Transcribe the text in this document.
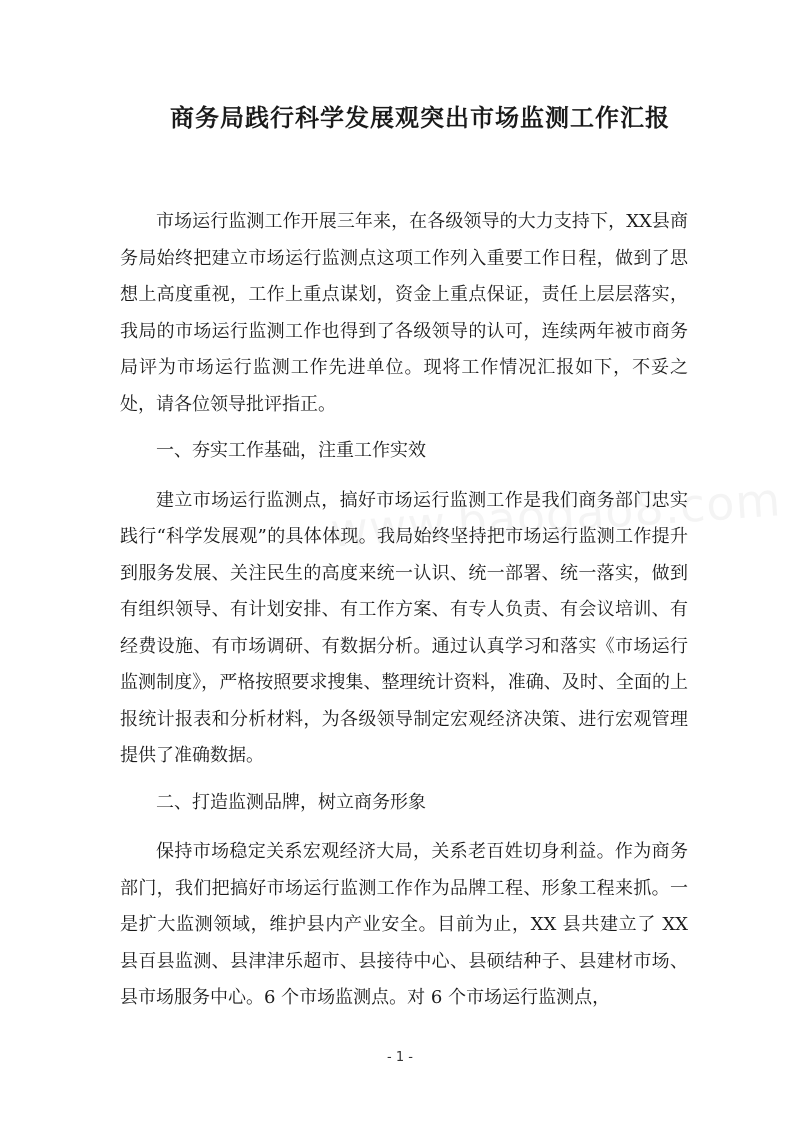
商务局践行科学发展观突出市场监测工作汇报

市场运行监测工作开展三年来，在各级领导的大力支持下，XX县商务局始终把建立市场运行监测点这项工作列入重要工作日程，做到了思想上高度重视，工作上重点谋划，资金上重点保证，责任上层层落实，我局的市场运行监测工作也得到了各级领导的认可，连续两年被市商务局评为市场运行监测工作先进单位。现将工作情况汇报如下，不妥之处，请各位领导批评指正。

一、夯实工作基础，注重工作实效

建立市场运行监测点，搞好市场运行监测工作是我们商务部门忠实践行“科学发展观”的具体体现。我局始终坚持把市场运行监测工作提升到服务发展、关注民生的高度来统一认识、统一部署、统一落实，做到有组织领导、有计划安排、有工作方案、有专人负责、有会议培训、有经费设施、有市场调研、有数据分析。通过认真学习和落实《市场运行监测制度》，严格按照要求搜集、整理统计资料，准确、及时、全面的上报统计报表和分析材料，为各级领导制定宏观经济决策、进行宏观管理提供了准确数据。

二、打造监测品牌，树立商务形象

保持市场稳定关系宏观经济大局，关系老百姓切身利益。作为商务部门，我们把搞好市场运行监测工作作为品牌工程、形象工程来抓。一是扩大监测领域，维护县内产业安全。目前为止，XX 县共建立了 XX 县百县监测、县津津乐超市、县接待中心、县硕结种子、县建材市场、县市场服务中心。6 个市场监测点。对 6 个市场运行监测点，

- 1 -
